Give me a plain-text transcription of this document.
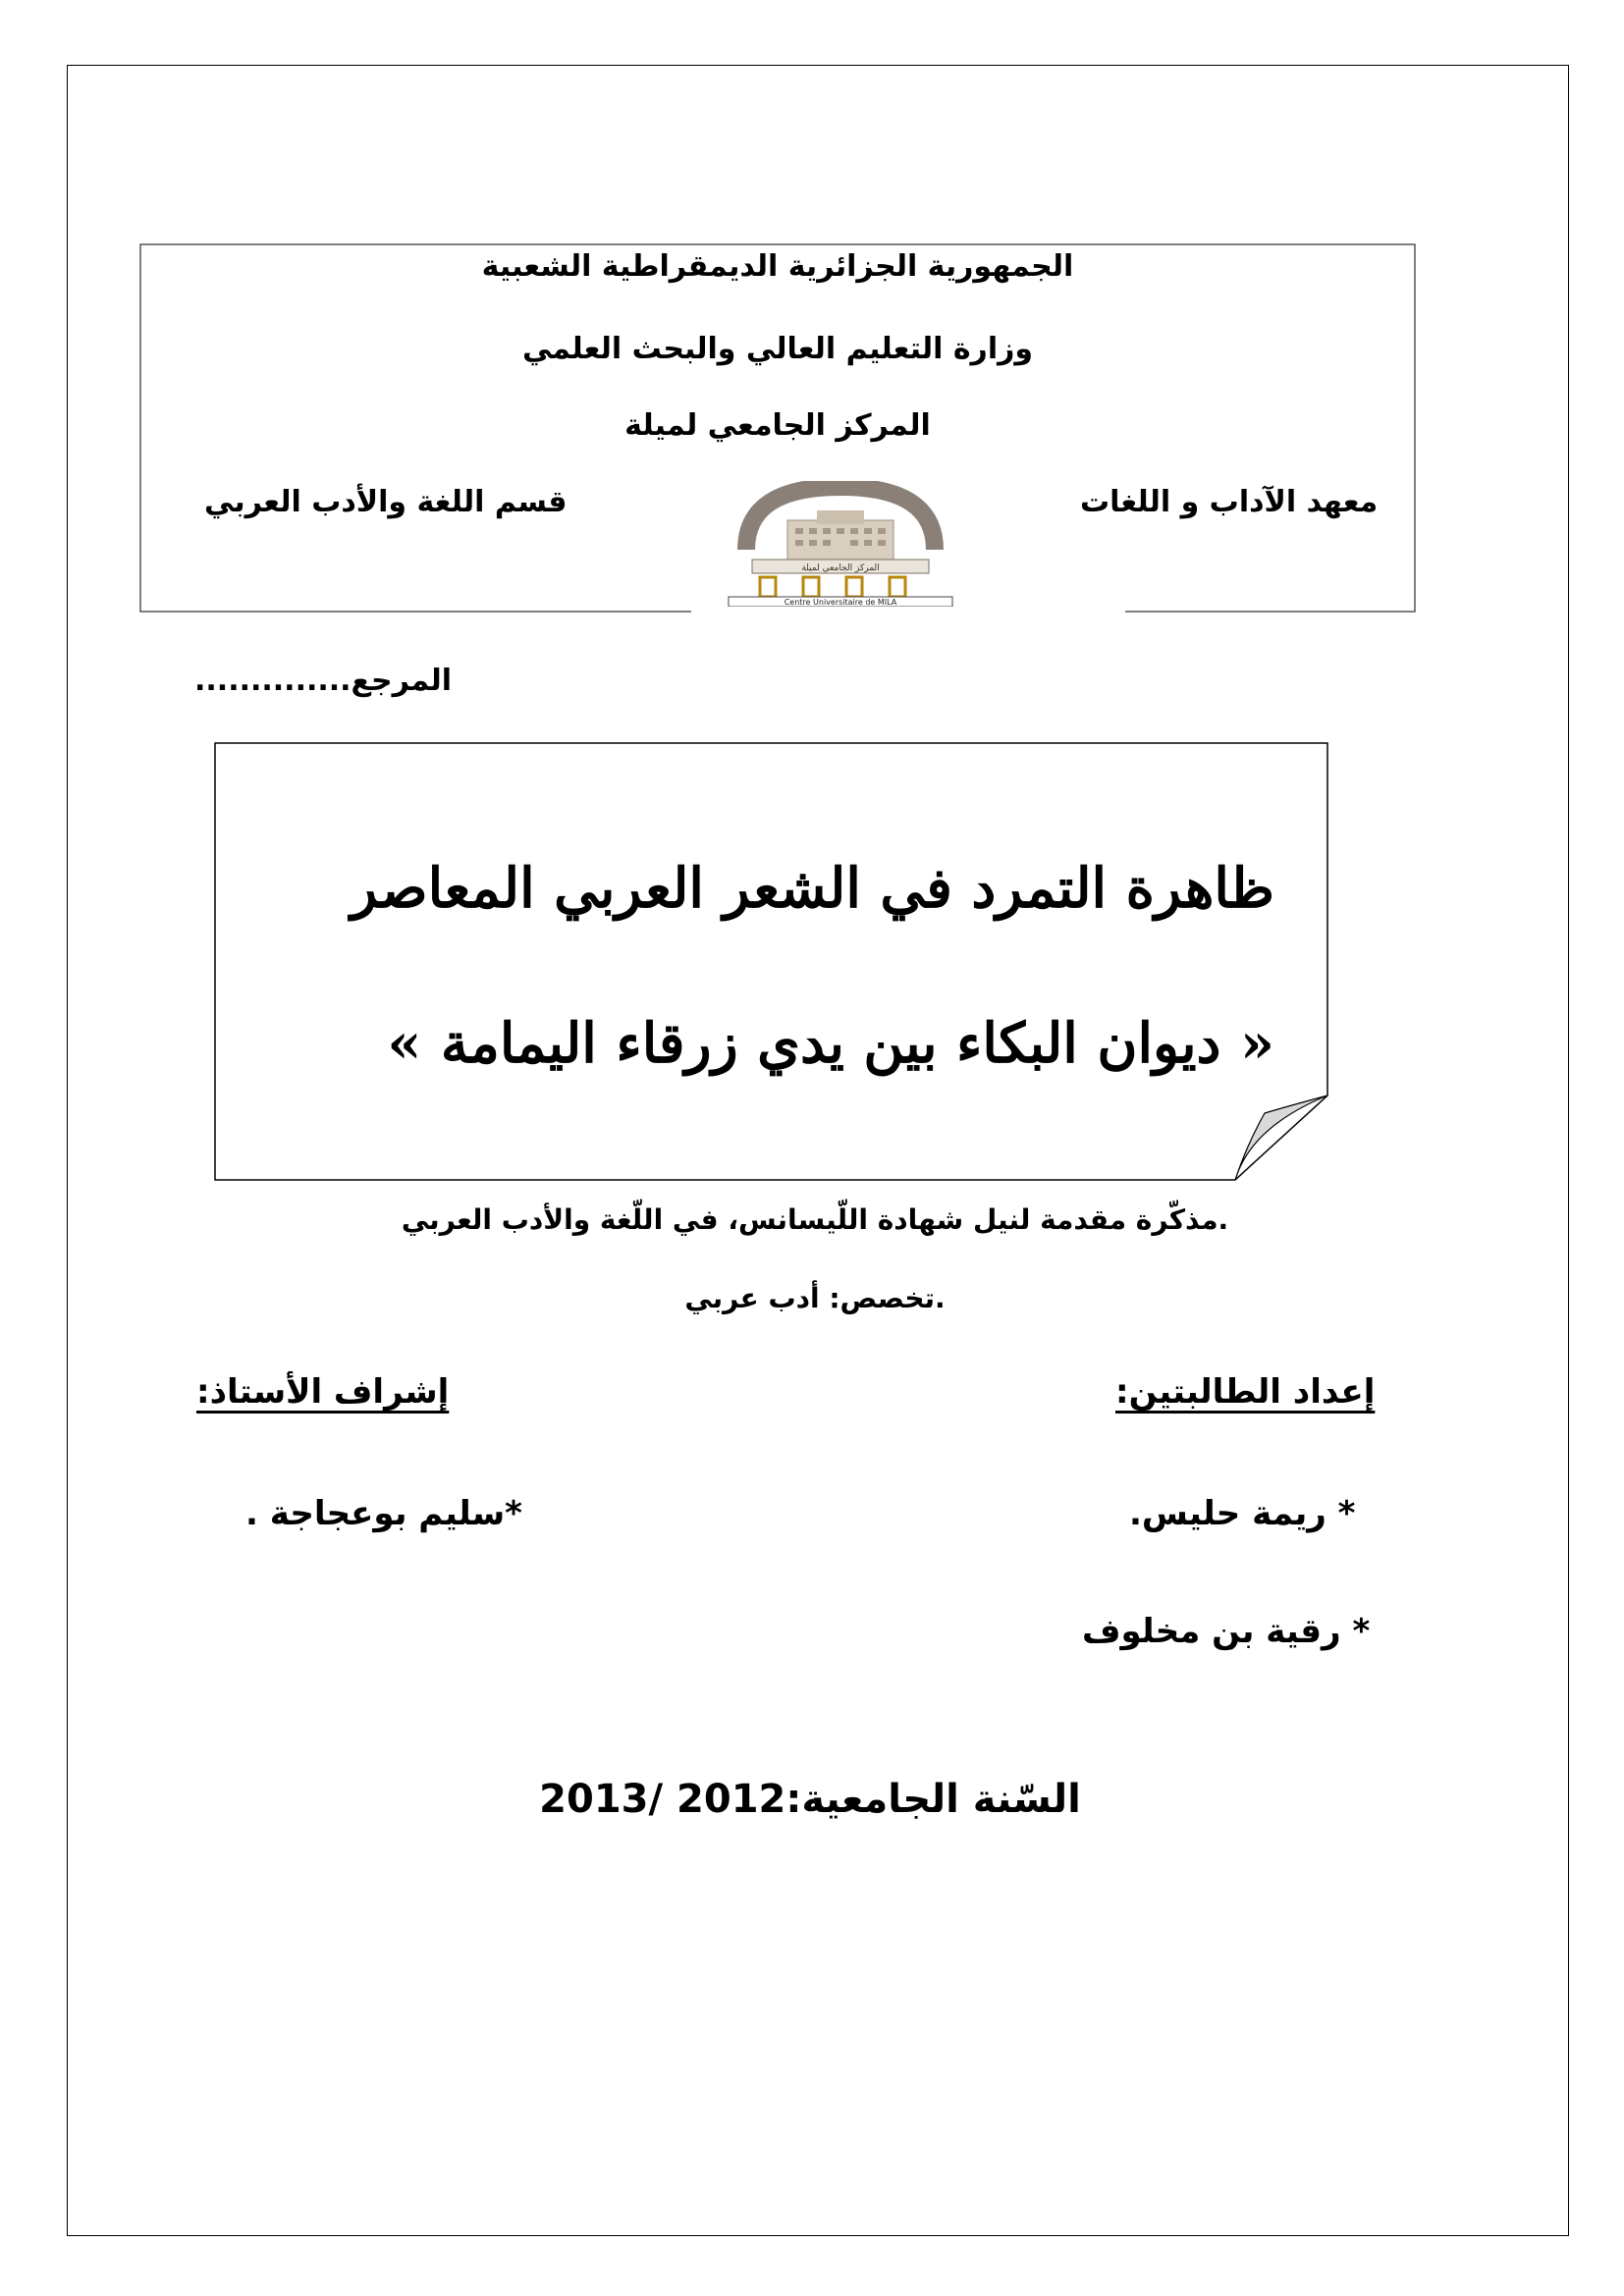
الجمهورية الجزائرية الديمقراطية الشعبية
وزارة التعليم العالي والبحث العلمي
المركز الجامعي لميلة
معهد الآداب و اللغات
قسم اللغة والأدب العربي
المركز الجامعي لميلة
Centre Universitaire de MILA
المرجع..............
ظاهرة التمرد في الشعر العربي المعاصر
« ديوان البكاء بين يدي زرقاء اليمامة »
.مذكّرة مقدمة لنيل شهادة اللّيسانس، في اللّغة والأدب العربي
.تخصص: أدب عربي
إعداد الطالبتين:
إشراف الأستاذ:
* ريمة حليس.
*سليم بوعجاجة .
* رقية بن مخلوف
السّنة الجامعية:2012 /2013
